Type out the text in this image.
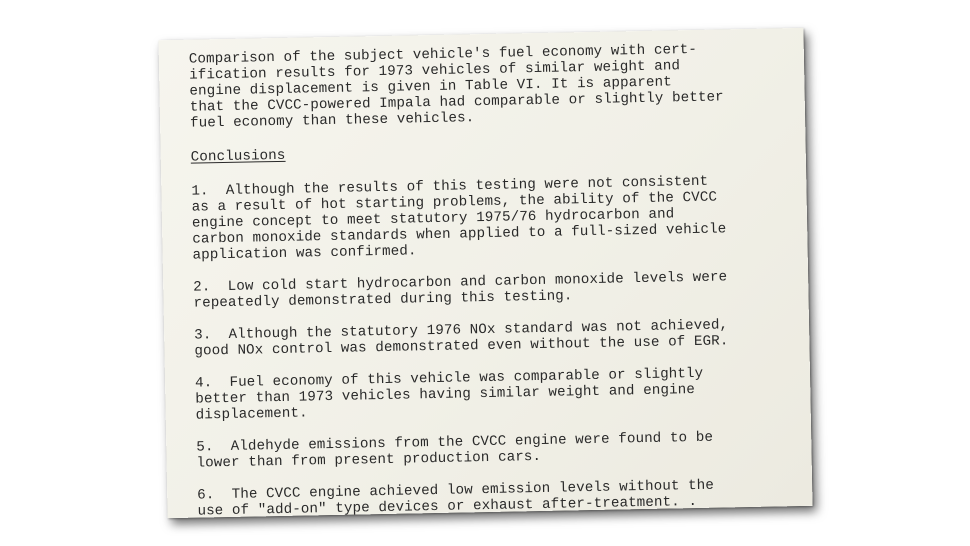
Comparison of the subject vehicle's fuel economy with cert-
ification results for 1973 vehicles of similar weight and
engine displacement is given in Table VI. It is apparent
that the CVCC-powered Impala had comparable or slightly better
fuel economy than these vehicles.

Conclusions

1.  Although the results of this testing were not consistent
as a result of hot starting problems, the ability of the CVCC
engine concept to meet statutory 1975/76 hydrocarbon and
carbon monoxide standards when applied to a full-sized vehicle
application was confirmed.

2.  Low cold start hydrocarbon and carbon monoxide levels were
repeatedly demonstrated during this testing.

3.  Although the statutory 1976 NOx standard was not achieved,
good NOx control was demonstrated even without the use of EGR.

4.  Fuel economy of this vehicle was comparable or slightly
better than 1973 vehicles having similar weight and engine
displacement.

5.  Aldehyde emissions from the CVCC engine were found to be
lower than from present production cars.

6.  The CVCC engine achieved low emission levels without the
use of "add-on" type devices or exhaust after-treatment. .
